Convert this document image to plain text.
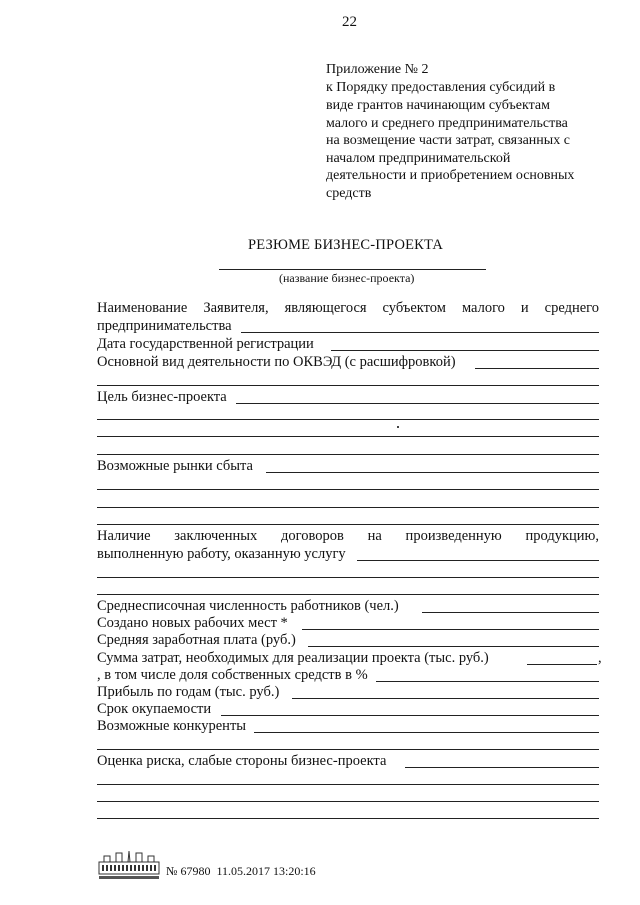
22
Приложение № 2
к Порядку предоставления субсидий в
виде грантов начинающим субъектам
малого и среднего предпринимательства
на возмещение части затрат, связанных с
началом предпринимательской
деятельности и приобретением основных
средств
РЕЗЮМЕ БИЗНЕС-ПРОЕКТА
(название бизнес-проекта)
Наименование Заявителя, являющегося субъектом малого и среднего
предпринимательства
Дата государственной регистрации
Основной вид деятельности по ОКВЭД (с расшифровкой)
Цель бизнес-проекта
Возможные рынки сбыта
Наличие заключенных договоров на произведенную продукцию,
выполненную работу, оказанную услугу
Среднесписочная численность работников (чел.)
Создано новых рабочих мест *
Средняя заработная плата (руб.)
Сумма затрат, необходимых для реализации проекта (тыс. руб.)	,
, в том числе доля собственных средств в %
Прибыль по годам (тыс. руб.)
Срок окупаемости
Возможные конкуренты
Оценка риска, слабые стороны бизнес-проекта
№ 67980 11.05.2017 13:20:16
